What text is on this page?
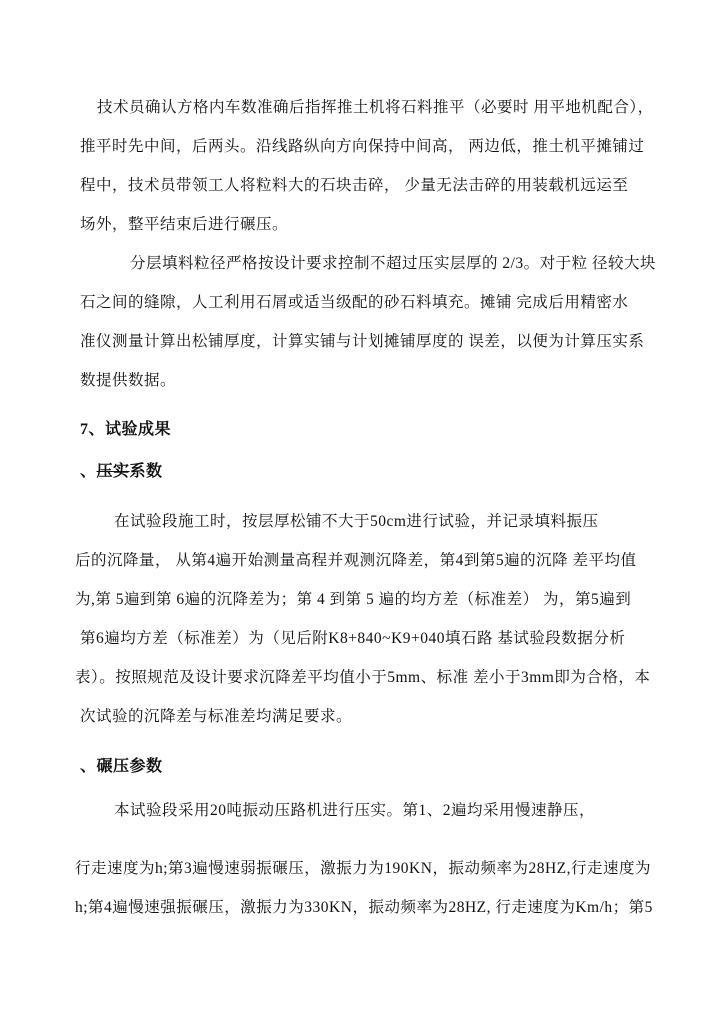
技术员确认方格内车数准确后指挥推土机将石料推平（必要时 用平地机配合），
推平时先中间，后两头。沿线路纵向方向保持中间高， 两边低，推土机平摊铺过
程中，技术员带领工人将粒料大的石块击碎， 少量无法击碎的用装载机远运至
场外，整平结束后进行碾压。
分层填料粒径严格按设计要求控制不超过压实层厚的 2/3。对于粒 径较大块
石之间的缝隙，人工利用石屑或适当级配的砂石料填充。摊铺 完成后用精密水
准仪测量计算出松铺厚度，计算实铺与计划摊铺厚度的 误差，以便为计算压实系
数提供数据。
7、试验成果
、压实系数
在试验段施工时，按层厚松铺不大于50cm进行试验，并记录填料振压
后的沉降量， 从第4遍开始测量高程并观测沉降差，第4到第5遍的沉降 差平均值
为,第 5遍到第 6遍的沉降差为；第 4 到第 5 遍的均方差（标准差） 为，第5遍到
第6遍均方差（标准差）为（见后附K8+840~K9+040填石路 基试验段数据分析
表）。按照规范及设计要求沉降差平均值小于5mm、标准 差小于3mm即为合格，本
次试验的沉降差与标准差均满足要求。
、碾压参数
本试验段采用20吨振动压路机进行压实。第1、2遍均采用慢速静压，
行走速度为h;第3遍慢速弱振碾压，激振力为190KN，振动频率为28HZ,行走速度为
h;第4遍慢速强振碾压，激振力为330KN，振动频率为28HZ, 行走速度为Km/h；第5
